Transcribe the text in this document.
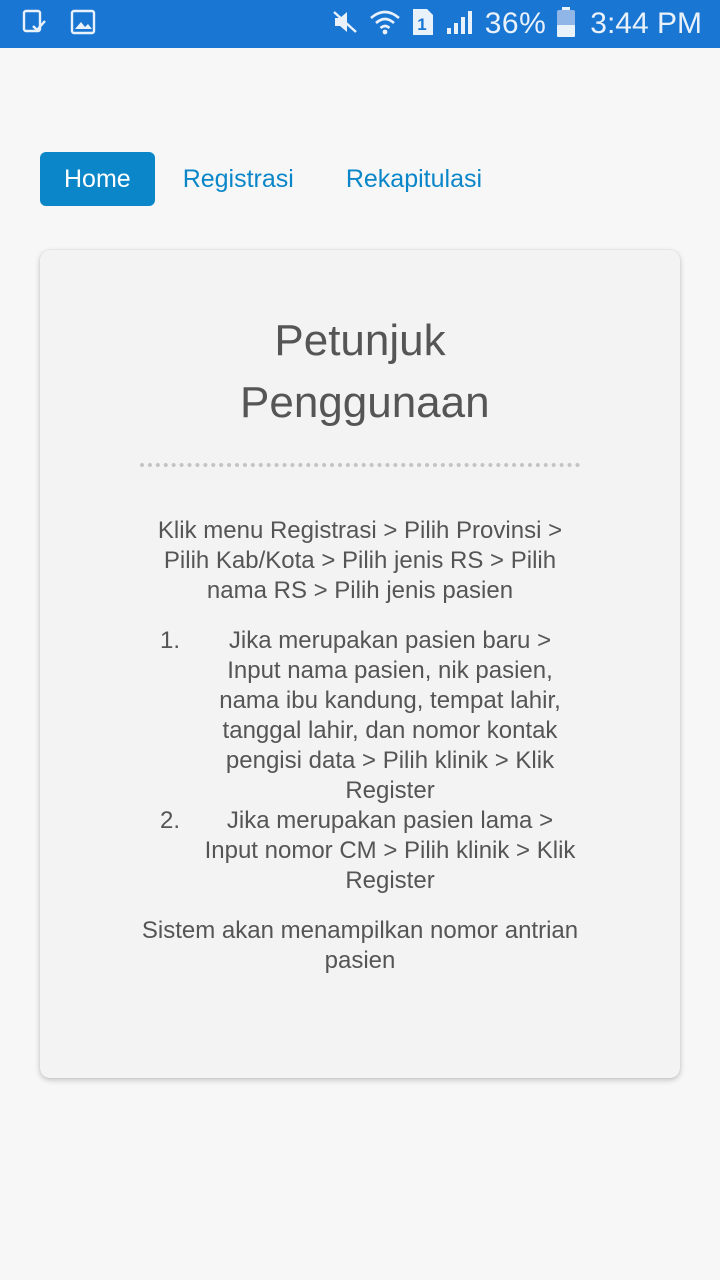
1 36% 3:44 PM
Home	Registrasi	Rekapitulasi
Petunjuk Penggunaan

Klik menu Registrasi > Pilih Provinsi > Pilih Kab/Kota > Pilih jenis RS > Pilih nama RS > Pilih jenis pasien

1.	Jika merupakan pasien baru > Input nama pasien, nik pasien, nama ibu kandung, tempat lahir, tanggal lahir, dan nomor kontak pengisi data > Pilih klinik > Klik Register
2.	Jika merupakan pasien lama > Input nomor CM > Pilih klinik > Klik Register

Sistem akan menampilkan nomor antrian pasien
